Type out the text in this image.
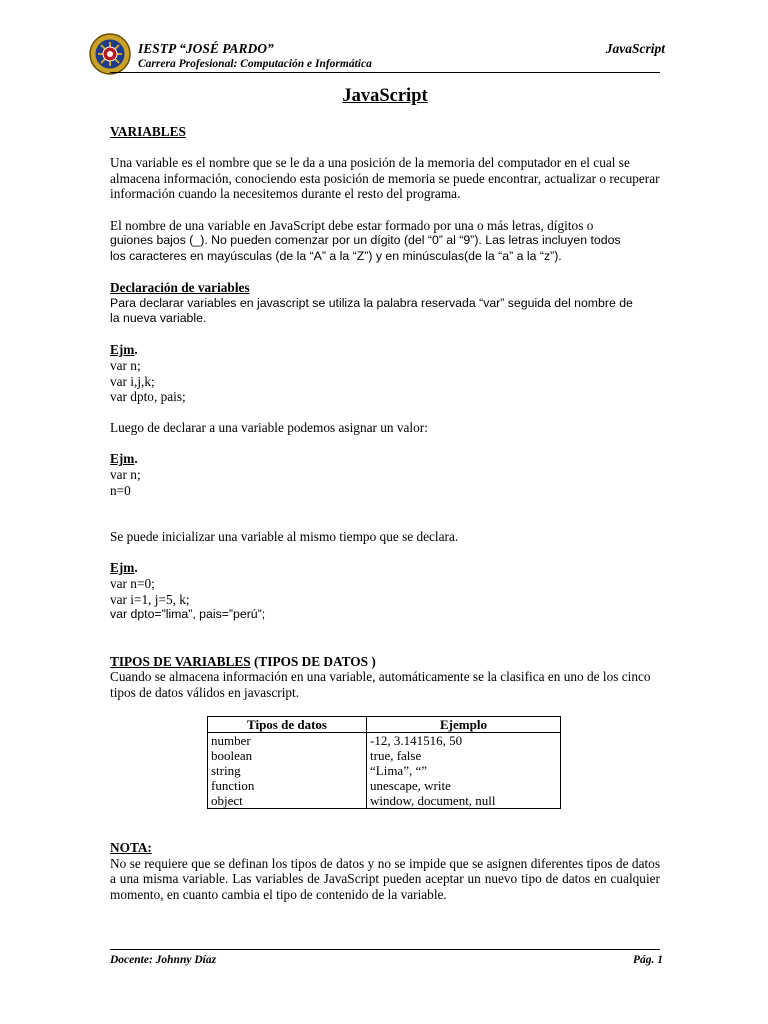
IESTP “JOSÉ PARDO”
Carrera Profesional: Computación e Informática
JavaScript

JavaScript

VARIABLES

Una variable es el nombre que se le da a una posición de la memoria del computador en el cual se almacena información, conociendo esta posición de memoria se puede encontrar, actualizar o recuperar información cuando la necesitemos durante el resto del programa.

El nombre de una variable en JavaScript debe estar formado por una o más letras, dígitos o

guiones bajos (_). No pueden comenzar por un dígito (del “0” al “9”). Las letras incluyen todos

los caracteres en mayúsculas (de la “A” a la “Z”) y en minúsculas(de la “a” a la “z”).

Declaración de variables

Para declarar variables en javascript se utiliza la palabra reservada “var” seguida del nombre de

la nueva variable.

Ejm.

var n;

var i,j,k;

var dpto, pais;

Luego de declarar a una variable podemos asignar un valor:

Ejm.

var n;

n=0

Se puede inicializar una variable al mismo tiempo que se declara.

Ejm.

var n=0;

var i=1, j=5, k;

var dpto=”lima”, pais=”perú”;

TIPOS DE VARIABLES (TIPOS DE DATOS )

Cuando se almacena información en una variable, automáticamente se la clasifica en uno de los cinco tipos de datos válidos en javascript.

Tipos de datos	Ejemplo
number	-12, 3.141516, 50
boolean	true, false
string	“Lima”, “”
function	unescape, write
object	window, document, null

NOTA:

No se requiere que se definan los tipos de datos y no se impide que se asignen diferentes tipos de datos a una misma variable. Las variables de JavaScript pueden aceptar un nuevo tipo de datos en cualquier momento, en cuanto cambia el tipo de contenido de la variable.

Docente: Johnny Díaz	Pág. 1
